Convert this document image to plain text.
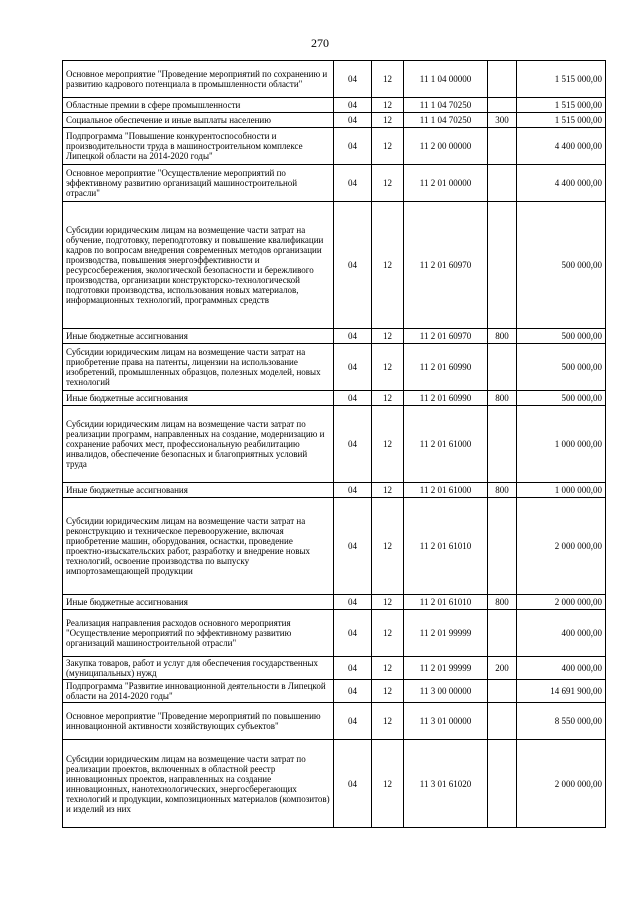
270
Основное мероприятие "Проведение мероприятий по сохранению и развитию кадрового потенциала в промышленности области"	04	12	11 1 04 00000		1 515 000,00
Областные премии в сфере промышленности	04	12	11 1 04 70250		1 515 000,00
Социальное обеспечение и иные выплаты населению	04	12	11 1 04 70250	300	1 515 000,00
Подпрограмма "Повышение конкурентоспособности и производительности труда в машиностроительном комплексе Липецкой области на 2014-2020 годы"	04	12	11 2 00 00000		4 400 000,00
Основное мероприятие "Осуществление мероприятий по эффективному развитию организаций машиностроительной отрасли"	04	12	11 2 01 00000		4 400 000,00
Субсидии юридическим лицам на возмещение части затрат на обучение, подготовку, переподготовку и повышение квалификации кадров по вопросам внедрения современных методов организации производства, повышения энергоэффективности и ресурсосбережения, экологической безопасности и бережливого производства, организации конструкторско-технологической подготовки производства, использования новых материалов, информационных технологий, программных средств	04	12	11 2 01 60970		500 000,00
Иные бюджетные ассигнования	04	12	11 2 01 60970	800	500 000,00
Субсидии юридическим лицам на возмещение части затрат на приобретение права на патенты, лицензии на использование изобретений, промышленных образцов, полезных моделей, новых технологий	04	12	11 2 01 60990		500 000,00
Иные бюджетные ассигнования	04	12	11 2 01 60990	800	500 000,00
Субсидии юридическим лицам на возмещение части затрат по реализации программ, направленных на создание, модернизацию и сохранение рабочих мест, профессиональную реабилитацию инвалидов, обеспечение безопасных и благоприятных условий труда	04	12	11 2 01 61000		1 000 000,00
Иные бюджетные ассигнования	04	12	11 2 01 61000	800	1 000 000,00
Субсидии юридическим лицам на возмещение части затрат на реконструкцию и техническое перевооружение, включая приобретение машин, оборудования, оснастки, проведение проектно-изыскательских работ, разработку и внедрение новых технологий, освоение производства по выпуску импортозамещающей продукции	04	12	11 2 01 61010		2 000 000,00
Иные бюджетные ассигнования	04	12	11 2 01 61010	800	2 000 000,00
Реализация направления расходов основного мероприятия "Осуществление мероприятий по эффективному развитию организаций машиностроительной отрасли"	04	12	11 2 01 99999		400 000,00
Закупка товаров, работ и услуг для обеспечения государственных (муниципальных) нужд	04	12	11 2 01 99999	200	400 000,00
Подпрограмма "Развитие инновационной деятельности в Липецкой области на 2014-2020 годы"	04	12	11 3 00 00000		14 691 900,00
Основное мероприятие "Проведение мероприятий по повышению инновационной активности хозяйствующих субъектов"	04	12	11 3 01 00000		8 550 000,00
Субсидии юридическим лицам на возмещение части затрат по реализации проектов, включенных в областной реестр инновационных проектов, направленных на создание инновационных, нанотехнологических, энергосберегающих технологий и продукции, композиционных материалов (композитов) и изделий из них	04	12	11 3 01 61020		2 000 000,00
